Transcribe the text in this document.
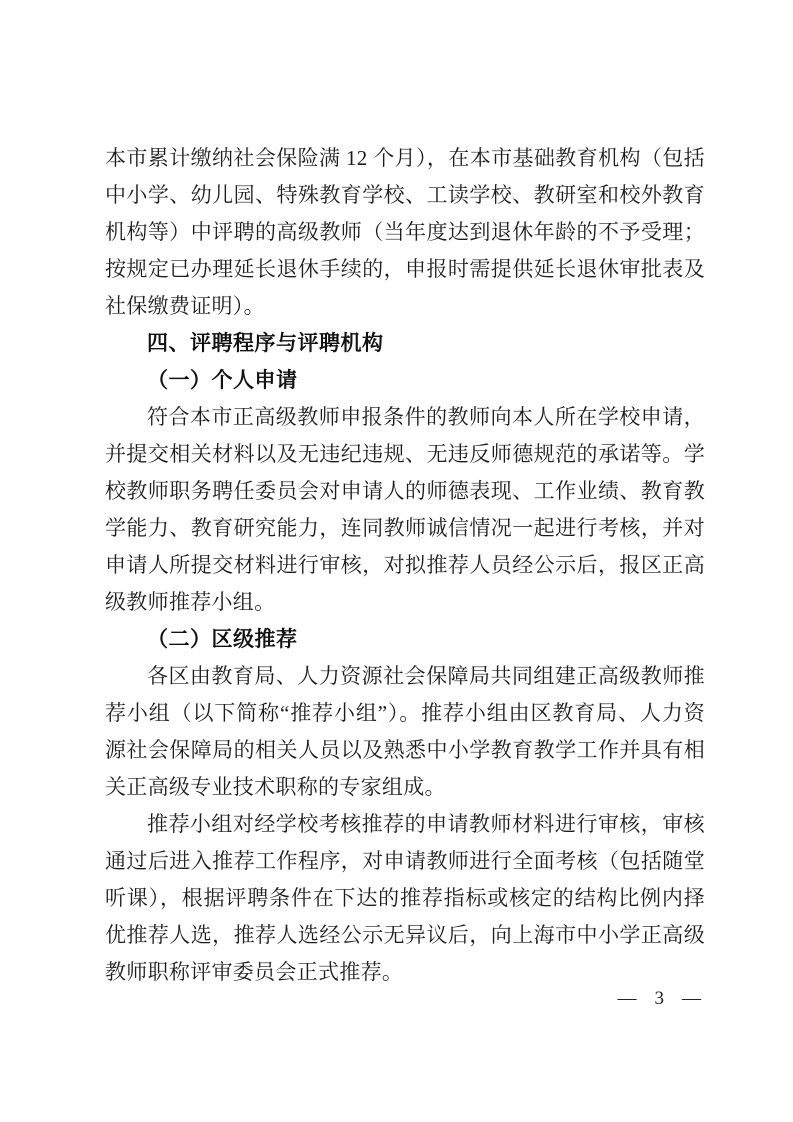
本市累计缴纳社会保险满 12 个月），在本市基础教育机构（包括中小学、幼儿园、特殊教育学校、工读学校、教研室和校外教育机构等）中评聘的高级教师（当年度达到退休年龄的不予受理；按规定已办理延长退休手续的，申报时需提供延长退休审批表及社保缴费证明）。

四、评聘程序与评聘机构

（一）个人申请

符合本市正高级教师申报条件的教师向本人所在学校申请，并提交相关材料以及无违纪违规、无违反师德规范的承诺等。学校教师职务聘任委员会对申请人的师德表现、工作业绩、教育教学能力、教育研究能力，连同教师诚信情况一起进行考核，并对申请人所提交材料进行审核，对拟推荐人员经公示后，报区正高级教师推荐小组。

（二）区级推荐

各区由教育局、人力资源社会保障局共同组建正高级教师推荐小组（以下简称“推荐小组”）。推荐小组由区教育局、人力资源社会保障局的相关人员以及熟悉中小学教育教学工作并具有相关正高级专业技术职称的专家组成。

推荐小组对经学校考核推荐的申请教师材料进行审核，审核通过后进入推荐工作程序，对申请教师进行全面考核（包括随堂听课），根据评聘条件在下达的推荐指标或核定的结构比例内择优推荐人选，推荐人选经公示无异议后，向上海市中小学正高级教师职称评审委员会正式推荐。

— 3 —
